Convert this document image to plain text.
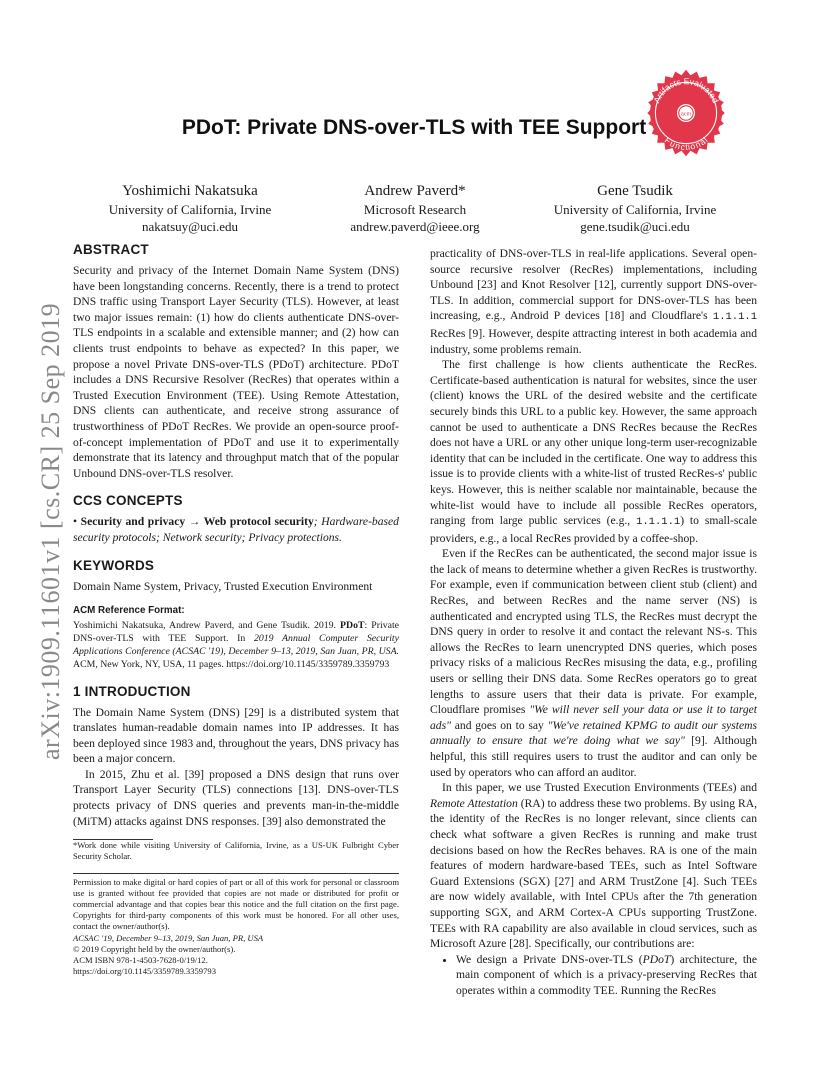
arXiv:1909.11601v1 [cs.CR] 25 Sep 2019
acm
Artifacts Evaluated
Functional
PDoT: Private DNS-over-TLS with TEE Support
Yoshimichi Nakatsuka
University of California, Irvine
nakatsuy@uci.edu
Andrew Paverd*
Microsoft Research
andrew.paverd@ieee.org
Gene Tsudik
University of California, Irvine
gene.tsudik@uci.edu
ABSTRACT

Security and privacy of the Internet Domain Name System (DNS) have been longstanding concerns. Recently, there is a trend to protect DNS traffic using Transport Layer Security (TLS). However, at least two major issues remain: (1) how do clients authenticate DNS-over-TLS endpoints in a scalable and extensible manner; and (2) how can clients trust endpoints to behave as expected? In this paper, we propose a novel Private DNS-over-TLS (PDoT) architecture. PDoT includes a DNS Recursive Resolver (RecRes) that operates within a Trusted Execution Environment (TEE). Using Remote Attestation, DNS clients can authenticate, and receive strong assurance of trustworthiness of PDoT RecRes. We provide an open-source proof-of-concept implementation of PDoT and use it to experimentally demonstrate that its latency and throughput match that of the popular Unbound DNS-over-TLS resolver.

CCS CONCEPTS

• Security and privacy → Web protocol security; Hardware-based security protocols; Network security; Privacy protections.

KEYWORDS

Domain Name System, Privacy, Trusted Execution Environment

ACM Reference Format:

Yoshimichi Nakatsuka, Andrew Paverd, and Gene Tsudik. 2019. PDoT: Private DNS-over-TLS with TEE Support. In 2019 Annual Computer Security Applications Conference (ACSAC '19), December 9–13, 2019, San Juan, PR, USA. ACM, New York, NY, USA, 11 pages. https://doi.org/10.1145/3359789.3359793

1 INTRODUCTION

The Domain Name System (DNS) [29] is a distributed system that translates human-readable domain names into IP addresses. It has been deployed since 1983 and, throughout the years, DNS privacy has been a major concern.

In 2015, Zhu et al. [39] proposed a DNS design that runs over Transport Layer Security (TLS) connections [13]. DNS-over-TLS protects privacy of DNS queries and prevents man-in-the-middle (MiTM) attacks against DNS responses. [39] also demonstrated the

*Work done while visiting University of California, Irvine, as a US-UK Fulbright Cyber Security Scholar.

Permission to make digital or hard copies of part or all of this work for personal or classroom use is granted without fee provided that copies are not made or distributed for profit or commercial advantage and that copies bear this notice and the full citation on the first page. Copyrights for third-party components of this work must be honored. For all other uses, contact the owner/author(s).
ACSAC '19, December 9–13, 2019, San Juan, PR, USA
© 2019 Copyright held by the owner/author(s).
ACM ISBN 978-1-4503-7628-0/19/12.
https://doi.org/10.1145/3359789.3359793

practicality of DNS-over-TLS in real-life applications. Several open-source recursive resolver (RecRes) implementations, including Unbound [23] and Knot Resolver [12], currently support DNS-over-TLS. In addition, commercial support for DNS-over-TLS has been increasing, e.g., Android P devices [18] and Cloudflare's 1.1.1.1 RecRes [9]. However, despite attracting interest in both academia and industry, some problems remain.

The first challenge is how clients authenticate the RecRes. Certificate-based authentication is natural for websites, since the user (client) knows the URL of the desired website and the certificate securely binds this URL to a public key. However, the same approach cannot be used to authenticate a DNS RecRes because the RecRes does not have a URL or any other unique long-term user-recognizable identity that can be included in the certificate. One way to address this issue is to provide clients with a white-list of trusted RecRes-s' public keys. However, this is neither scalable nor maintainable, because the white-list would have to include all possible RecRes operators, ranging from large public services (e.g., 1.1.1.1) to small-scale providers, e.g., a local RecRes provided by a coffee-shop.

Even if the RecRes can be authenticated, the second major issue is the lack of means to determine whether a given RecRes is trustworthy. For example, even if communication between client stub (client) and RecRes, and between RecRes and the name server (NS) is authenticated and encrypted using TLS, the RecRes must decrypt the DNS query in order to resolve it and contact the relevant NS-s. This allows the RecRes to learn unencrypted DNS queries, which poses privacy risks of a malicious RecRes misusing the data, e.g., profiling users or selling their DNS data. Some RecRes operators go to great lengths to assure users that their data is private. For example, Cloudflare promises "We will never sell your data or use it to target ads" and goes on to say "We've retained KPMG to audit our systems annually to ensure that we're doing what we say" [9]. Although helpful, this still requires users to trust the auditor and can only be used by operators who can afford an auditor.

In this paper, we use Trusted Execution Environments (TEEs) and Remote Attestation (RA) to address these two problems. By using RA, the identity of the RecRes is no longer relevant, since clients can check what software a given RecRes is running and make trust decisions based on how the RecRes behaves. RA is one of the main features of modern hardware-based TEEs, such as Intel Software Guard Extensions (SGX) [27] and ARM TrustZone [4]. Such TEEs are now widely available, with Intel CPUs after the 7th generation supporting SGX, and ARM Cortex-A CPUs supporting TrustZone. TEEs with RA capability are also available in cloud services, such as Microsoft Azure [28]. Specifically, our contributions are:

• We design a Private DNS-over-TLS (PDoT) architecture, the main component of which is a privacy-preserving RecRes that operates within a commodity TEE. Running the RecRes
